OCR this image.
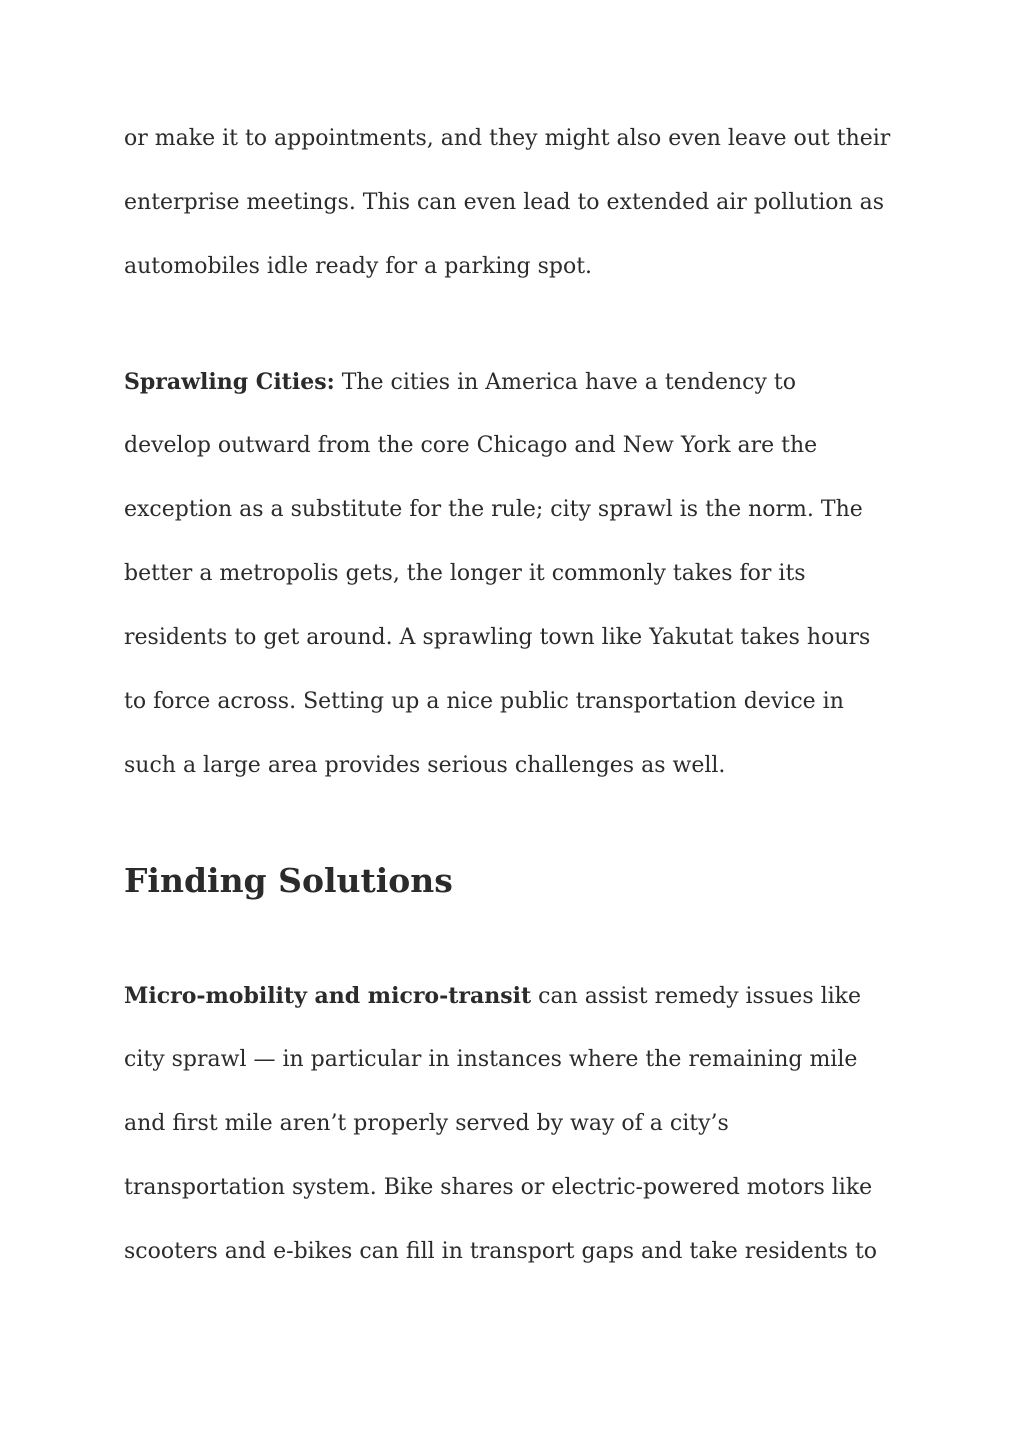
or make it to appointments, and they might also even leave out their
enterprise meetings. This can even lead to extended air pollution as
automobiles idle ready for a parking spot.

Sprawling Cities: The cities in America have a tendency to
develop outward from the core Chicago and New York are the
exception as a substitute for the rule; city sprawl is the norm. The
better a metropolis gets, the longer it commonly takes for its
residents to get around. A sprawling town like Yakutat takes hours
to force across. Setting up a nice public transportation device in
such a large area provides serious challenges as well.

Finding Solutions

Micro-mobility and micro-transit can assist remedy issues like
city sprawl — in particular in instances where the remaining mile
and first mile aren’t properly served by way of a city’s
transportation system. Bike shares or electric-powered motors like
scooters and e-bikes can fill in transport gaps and take residents to
